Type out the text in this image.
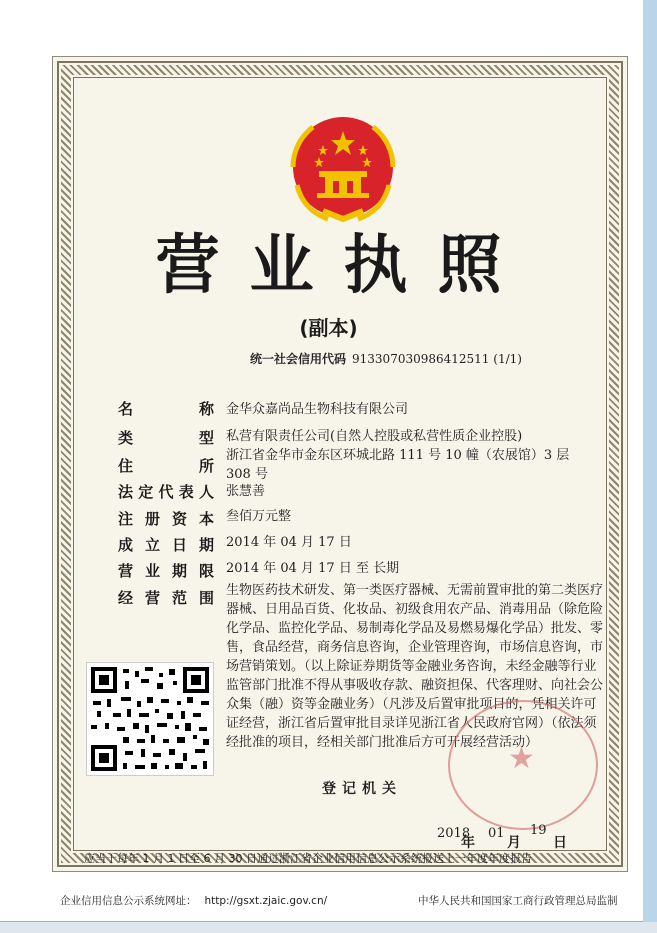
营业执照
(副本)
统一社会信用代码 913307030986412511 (1/1)
名称 金华众嘉尚品生物科技有限公司
类型 私营有限责任公司(自然人控股或私营性质企业控股)
住所
浙江省金华市金东区环城北路 111 号 10 幢（农展馆）3 层 308 号
法定代表人 张慧善
注册资本 叁佰万元整
成立日期 2014 年 04 月 17 日
营业期限 2014 年 04 月 17 日 至 长期
经营范围 生物医药技术研发、第一类医疗器械、无需前置审批的第二类医疗器械、日用品百货、化妆品、初级食用农产品、消毒用品（除危险化学品、监控化学品、易制毒化学品及易燃易爆化学品）批发、零售，食品经营，商务信息咨询，企业管理咨询，市场信息咨询，市场营销策划。（以上除证券期货等金融业务咨询，未经金融等行业监管部门批准不得从事吸收存款、融资担保、代客理财、向社会公众集（融）资等金融业务）（凡涉及后置审批项目的，凭相关许可证经营，浙江省后置审批目录详见浙江省人民政府官网）（依法须经批准的项目，经相关部门批准后方可开展经营活动）
★
登记机关
2018
年
01
月
19
日
应当于每年 1 月 1 日至 6 月 30 日通过浙江省企业信用信息公示系统报送上一年度年度报告
企业信用信息公示系统网址： http://gsxt.zjaic.gov.cn/	中华人民共和国国家工商行政管理总局监制
